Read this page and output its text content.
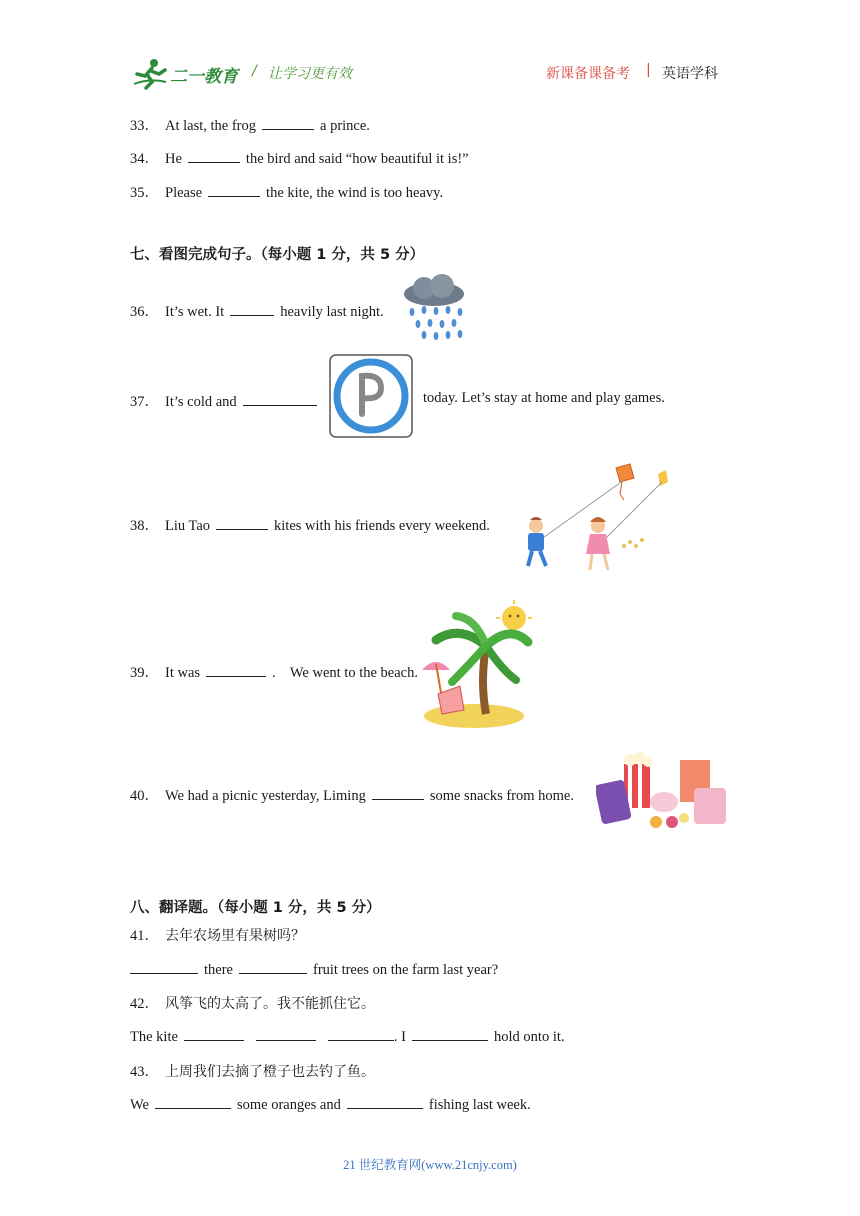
二一教育 / 让学习更有效	新课备课备考 | 英语学科
33． At last, the frog	a prince.
34． He	the bird and said “how beautiful it is!”
35． Please	the kite, the wind is too heavy.
七、看图完成句子。（每小题 1 分，共 5 分）
36． It’s wet. It	heavily last night.
37． It’s cold and	today. Let’s stay at home and play games.
38． Liu Tao	kites with his friends every weekend.
39． It was	.    We went to the beach.
40． We had a picnic yesterday, Liming	some snacks from home.
八、翻译题。（每小题 1 分，共 5 分）
41． 去年农场里有果树吗？
there	fruit trees on the farm last year?
42． 风筝飞的太高了。我不能抓住它。
The kite	. I	hold onto it.
43． 上周我们去摘了橙子也去钓了鱼。
We	some oranges and	fishing last week.
21 世纪教育网(www.21cnjy.com)
